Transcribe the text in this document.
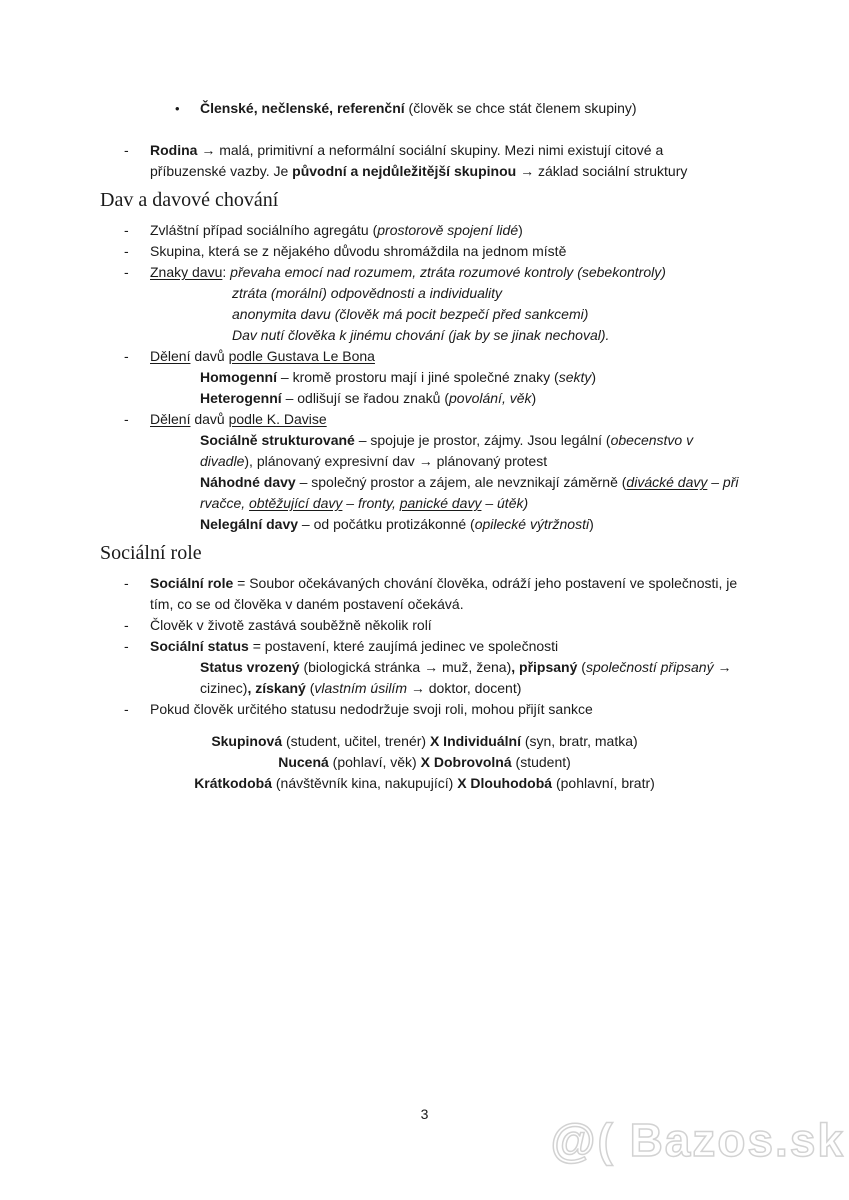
• Členské, nečlenské, referenční (člověk se chce stát členem skupiny)
- Rodina → malá, primitivní a neformální sociální skupiny. Mezi nimi existují citové a
příbuzenské vazby. Je původní a nejdůležitější skupinou → základ sociální struktury
Dav a davové chování
- Zvláštní případ sociálního agregátu (prostorově spojení lidé)
- Skupina, která se z nějakého důvodu shromáždila na jednom místě
- Znaky davu: převaha emocí nad rozumem, ztráta rozumové kontroly (sebekontroly)
ztráta (morální) odpovědnosti a individuality
anonymita davu (člověk má pocit bezpečí před sankcemi)
Dav nutí člověka k jinému chování (jak by se jinak nechoval).
- Dělení davů podle Gustava Le Bona
Homogenní – kromě prostoru mají i jiné společné znaky (sekty)
Heterogenní – odlišují se řadou znaků (povolání, věk)
- Dělení davů podle K. Davise
Sociálně strukturované – spojuje je prostor, zájmy. Jsou legální (obecenstvo v
divadle), plánovaný expresivní dav → plánovaný protest
Náhodné davy – společný prostor a zájem, ale nevznikají záměrně (divácké davy – při
rvačce, obtěžující davy – fronty, panické davy – útěk)
Nelegální davy – od počátku protizákonné (opilecké výtržnosti)
Sociální role
- Sociální role = Soubor očekávaných chování člověka, odráží jeho postavení ve společnosti, je
tím, co se od člověka v daném postavení očekává.
- Člověk v životě zastává souběžně několik rolí
- Sociální status = postavení, které zaujímá jedinec ve společnosti
Status vrozený (biologická stránka → muž, žena), připsaný (společností připsaný →
cizinec), získaný (vlastním úsilím → doktor, docent)
- Pokud člověk určitého statusu nedodržuje svoji roli, mohou přijít sankce
Skupinová (student, učitel, trenér) X Individuální (syn, bratr, matka)
Nucená (pohlaví, věk) X Dobrovolná (student)
Krátkodobá (návštěvník kina, nakupující) X Dlouhodobá (pohlavní, bratr)
3	@( Bazos.sk
